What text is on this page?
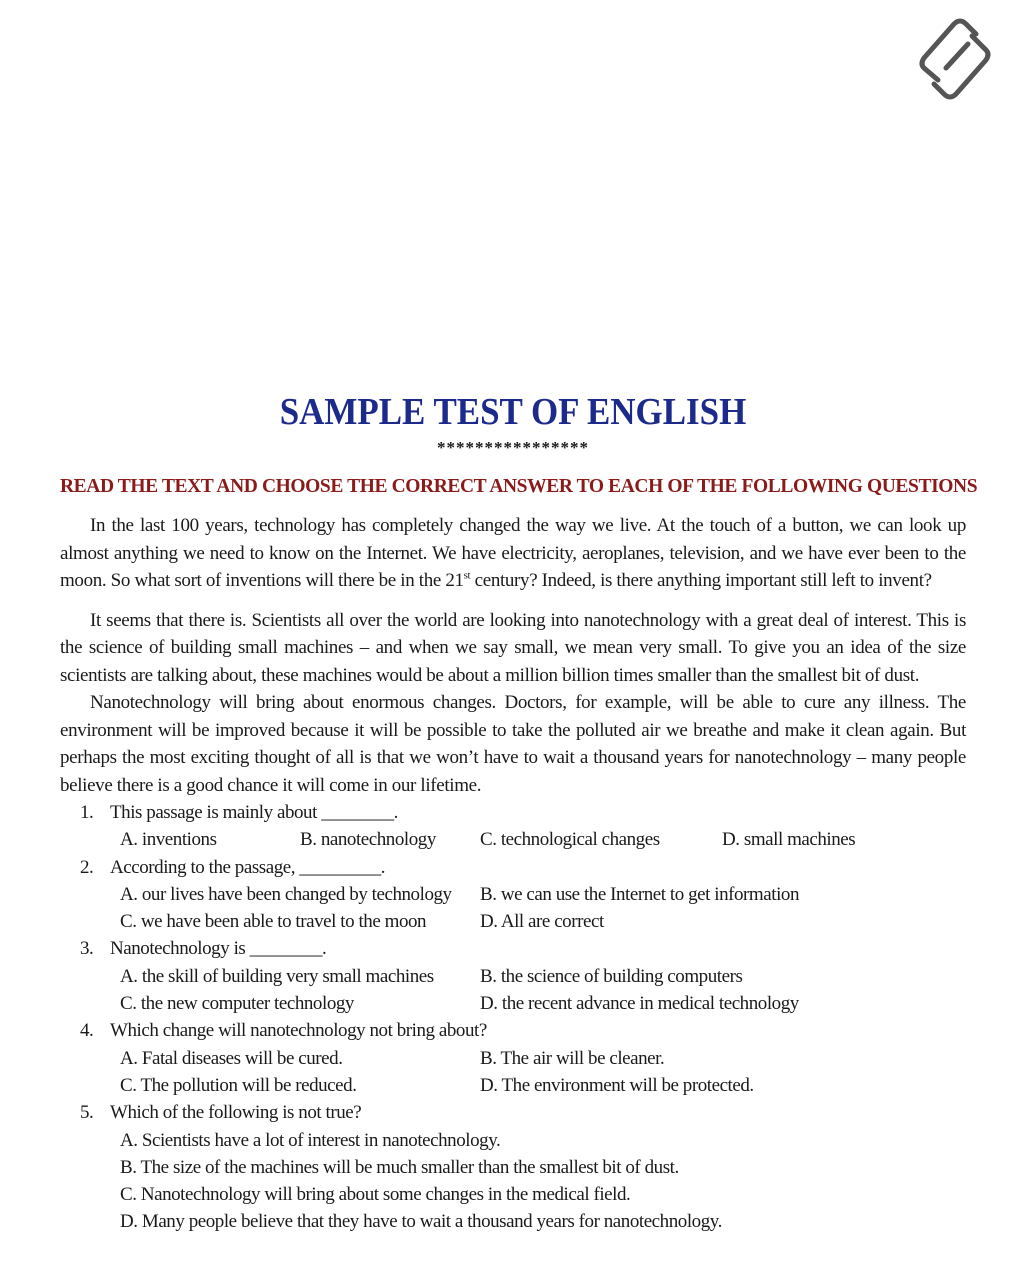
SAMPLE TEST OF ENGLISH
****************
READ THE TEXT AND CHOOSE THE CORRECT ANSWER TO EACH OF THE FOLLOWING QUESTIONS

In the last 100 years, technology has completely changed the way we live. At the touch of a button, we can look up almost anything we need to know on the Internet. We have electricity, aeroplanes, television, and we have ever been to the moon. So what sort of inventions will there be in the 21st century? Indeed, is there anything important still left to invent?

It seems that there is. Scientists all over the world are looking into nanotechnology with a great deal of interest. This is the science of building small machines – and when we say small, we mean very small. To give you an idea of the size scientists are talking about, these machines would be about a million billion times smaller than the smallest bit of dust.

Nanotechnology will bring about enormous changes. Doctors, for example, will be able to cure any illness. The environment will be improved because it will be possible to take the polluted air we breathe and make it clean again. But perhaps the most exciting thought of all is that we won’t have to wait a thousand years for nanotechnology – many people believe there is a good chance it will come in our lifetime.

1. This passage is mainly about ________.
A. inventions	B. nanotechnology C. technological changes	D. small machines
2. According to the passage, _________.
A. our lives have been changed by technology B. we can use the Internet to get information
C. we have been able to travel to the moon	D. All are correct
3. Nanotechnology is ________.
A. the skill of building very small machines B. the science of building computers
C. the new computer technology	D. the recent advance in medical technology
4. Which change will nanotechnology not bring about?
A. Fatal diseases will be cured.	B. The air will be cleaner.
C. The pollution will be reduced.	D. The environment will be protected.
5. Which of the following is not true?
A. Scientists have a lot of interest in nanotechnology.
B. The size of the machines will be much smaller than the smallest bit of dust.
C. Nanotechnology will bring about some changes in the medical field.
D. Many people believe that they have to wait a thousand years for nanotechnology.
